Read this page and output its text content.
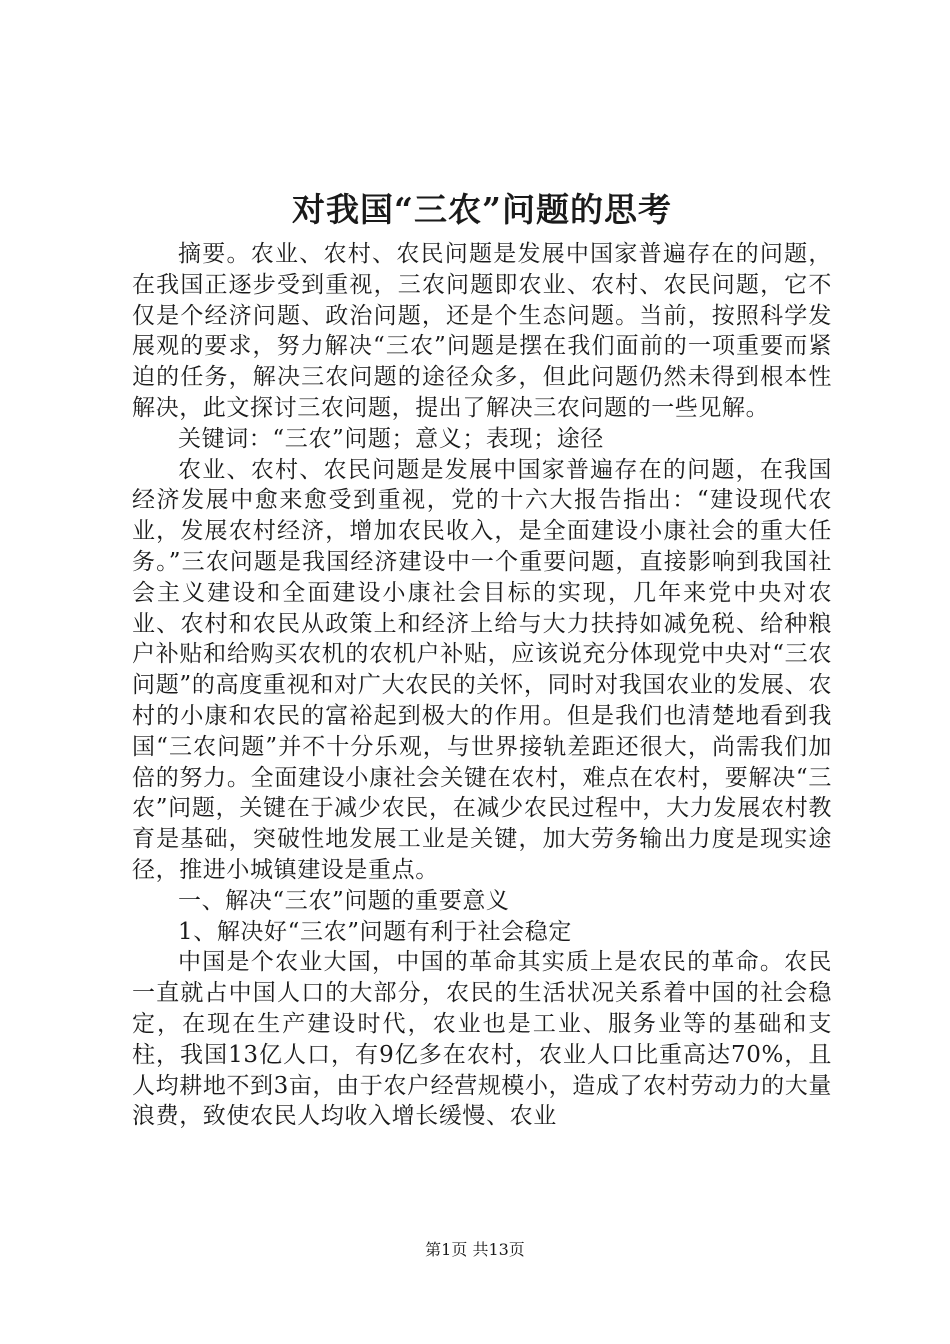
对我国“三农”问题的思考

摘要。农业、农村、农民问题是发展中国家普遍存在的问题，在我国正逐步受到重视，三农问题即农业、农村、农民问题，它不仅是个经济问题、政治问题，还是个生态问题。当前，按照科学发展观的要求，努力解决“三农”问题是摆在我们面前的一项重要而紧迫的任务，解决三农问题的途径众多，但此问题仍然未得到根本性解决，此文探讨三农问题，提出了解决三农问题的一些见解。

关键词：“三农”问题；意义；表现；途径

农业、农村、农民问题是发展中国家普遍存在的问题，在我国经济发展中愈来愈受到重视，党的十六大报告指出：“建设现代农业，发展农村经济，增加农民收入，是全面建设小康社会的重大任务。”三农问题是我国经济建设中一个重要问题，直接影响到我国社会主义建设和全面建设小康社会目标的实现，几年来党中央对农业、农村和农民从政策上和经济上给与大力扶持如减免税、给种粮户补贴和给购买农机的农机户补贴，应该说充分体现党中央对“三农问题”的高度重视和对广大农民的关怀，同时对我国农业的发展、农村的小康和农民的富裕起到极大的作用。但是我们也清楚地看到我国“三农问题”并不十分乐观，与世界接轨差距还很大，尚需我们加倍的努力。全面建设小康社会关键在农村，难点在农村，要解决“三农”问题，关键在于减少农民，在减少农民过程中，大力发展农村教育是基础，突破性地发展工业是关键，加大劳务输出力度是现实途径，推进小城镇建设是重点。

一、解决“三农”问题的重要意义

1、解决好“三农”问题有利于社会稳定

中国是个农业大国，中国的革命其实质上是农民的革命。农民一直就占中国人口的大部分，农民的生活状况关系着中国的社会稳定，在现在生产建设时代，农业也是工业、服务业等的基础和支柱，我国13亿人口，有9亿多在农村，农业人口比重高达70%，且人均耕地不到3亩，由于农户经营规模小，造成了农村劳动力的大量浪费，致使农民人均收入增长缓慢、农业

第1页 共13页
